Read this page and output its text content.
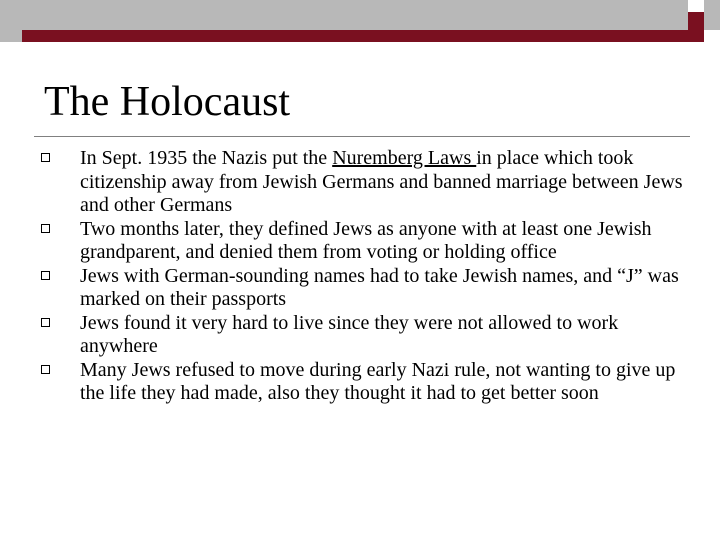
The Holocaust
In Sept. 1935 the Nazis put the Nuremberg Laws in place which took citizenship away from Jewish Germans and banned marriage between Jews and other Germans
Two months later, they defined Jews as anyone with at least one Jewish grandparent, and denied them from voting or holding office
Jews with German-sounding names had to take Jewish names, and “J” was marked on their passports
Jews found it very hard to live since they were not allowed to work anywhere
Many Jews refused to move during early Nazi rule, not wanting to give up the life they had made, also they thought it had to get better soon
